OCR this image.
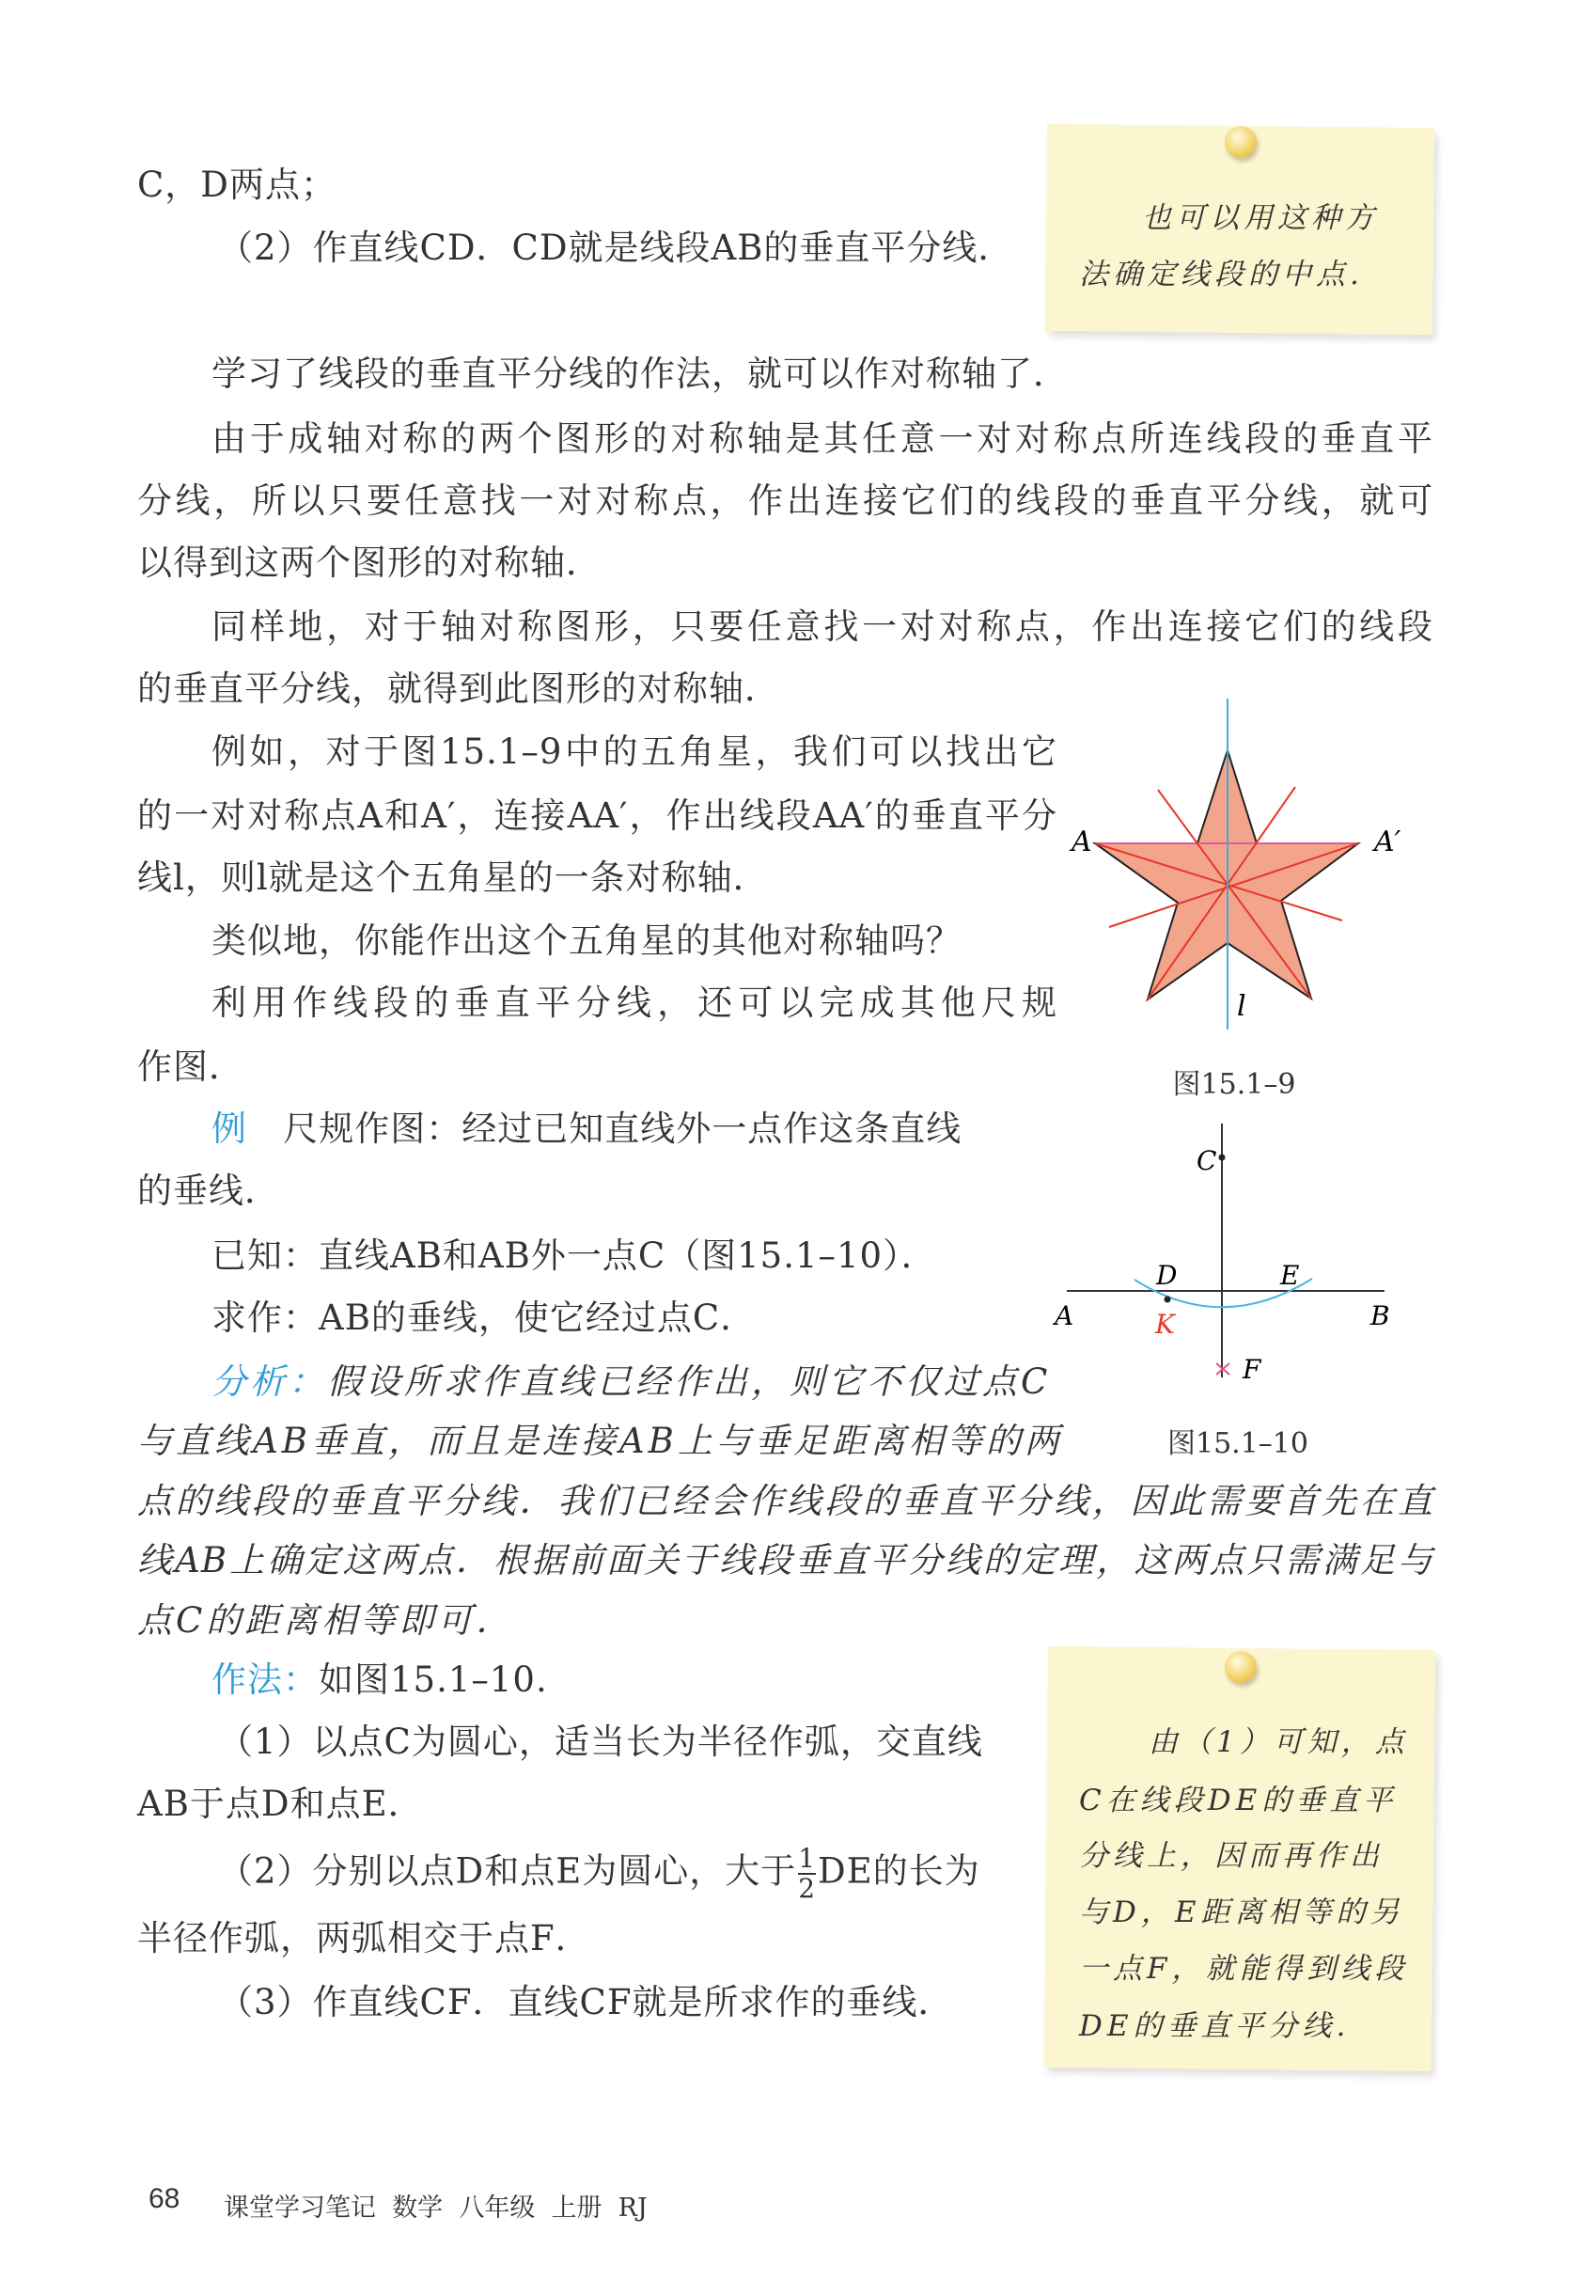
C，D两点；
（2）作直线CD．CD就是线段AB的垂直平分线．
也可以用这种方
法确定线段的中点.
学习了线段的垂直平分线的作法，就可以作对称轴了．
由于成轴对称的两个图形的对称轴是其任意一对对称点所连线段的垂直平
分线，所以只要任意找一对对称点，作出连接它们的线段的垂直平分线，就可
以得到这两个图形的对称轴．
同样地，对于轴对称图形，只要任意找一对对称点，作出连接它们的线段
的垂直平分线，就得到此图形的对称轴．
例如，对于图15.1–9中的五角星，我们可以找出它
的一对对称点A和A′，连接AA′，作出线段AA′的垂直平分
线l，则l就是这个五角星的一条对称轴．
类似地，你能作出这个五角星的其他对称轴吗？
利用作线段的垂直平分线，还可以完成其他尺规
作图．
例 尺规作图：经过已知直线外一点作这条直线
的垂线．
已知：直线AB和AB外一点C（图15.1–10）．
求作：AB的垂线，使它经过点C．
分析：假设所求作直线已经作出，则它不仅过点C
与直线AB垂直，而且是连接AB上与垂足距离相等的两
点的线段的垂直平分线．我们已经会作线段的垂直平分线，因此需要首先在直
线AB上确定这两点．根据前面关于线段垂直平分线的定理，这两点只需满足与
点C的距离相等即可．
作法：如图15.1–10.
（1）以点C为圆心，适当长为半径作弧，交直线
AB于点D和点E．
（2）分别以点D和点E为圆心，大于 $\frac{1}{2}$ DE的长为
半径作弧，两弧相交于点F．
（3）作直线CF．直线CF就是所求作的垂线．
由（1）可知，点
C在线段DE的垂直平
分线上，因而再作出
与D，E距离相等的另
一点F，就能得到线段
DE的垂直平分线.
A	A′
l
C
D	E
A	B
K
F
图15.1–9
图15.1–10
68 课堂学习笔记  数学  八年级  上册  RJ
